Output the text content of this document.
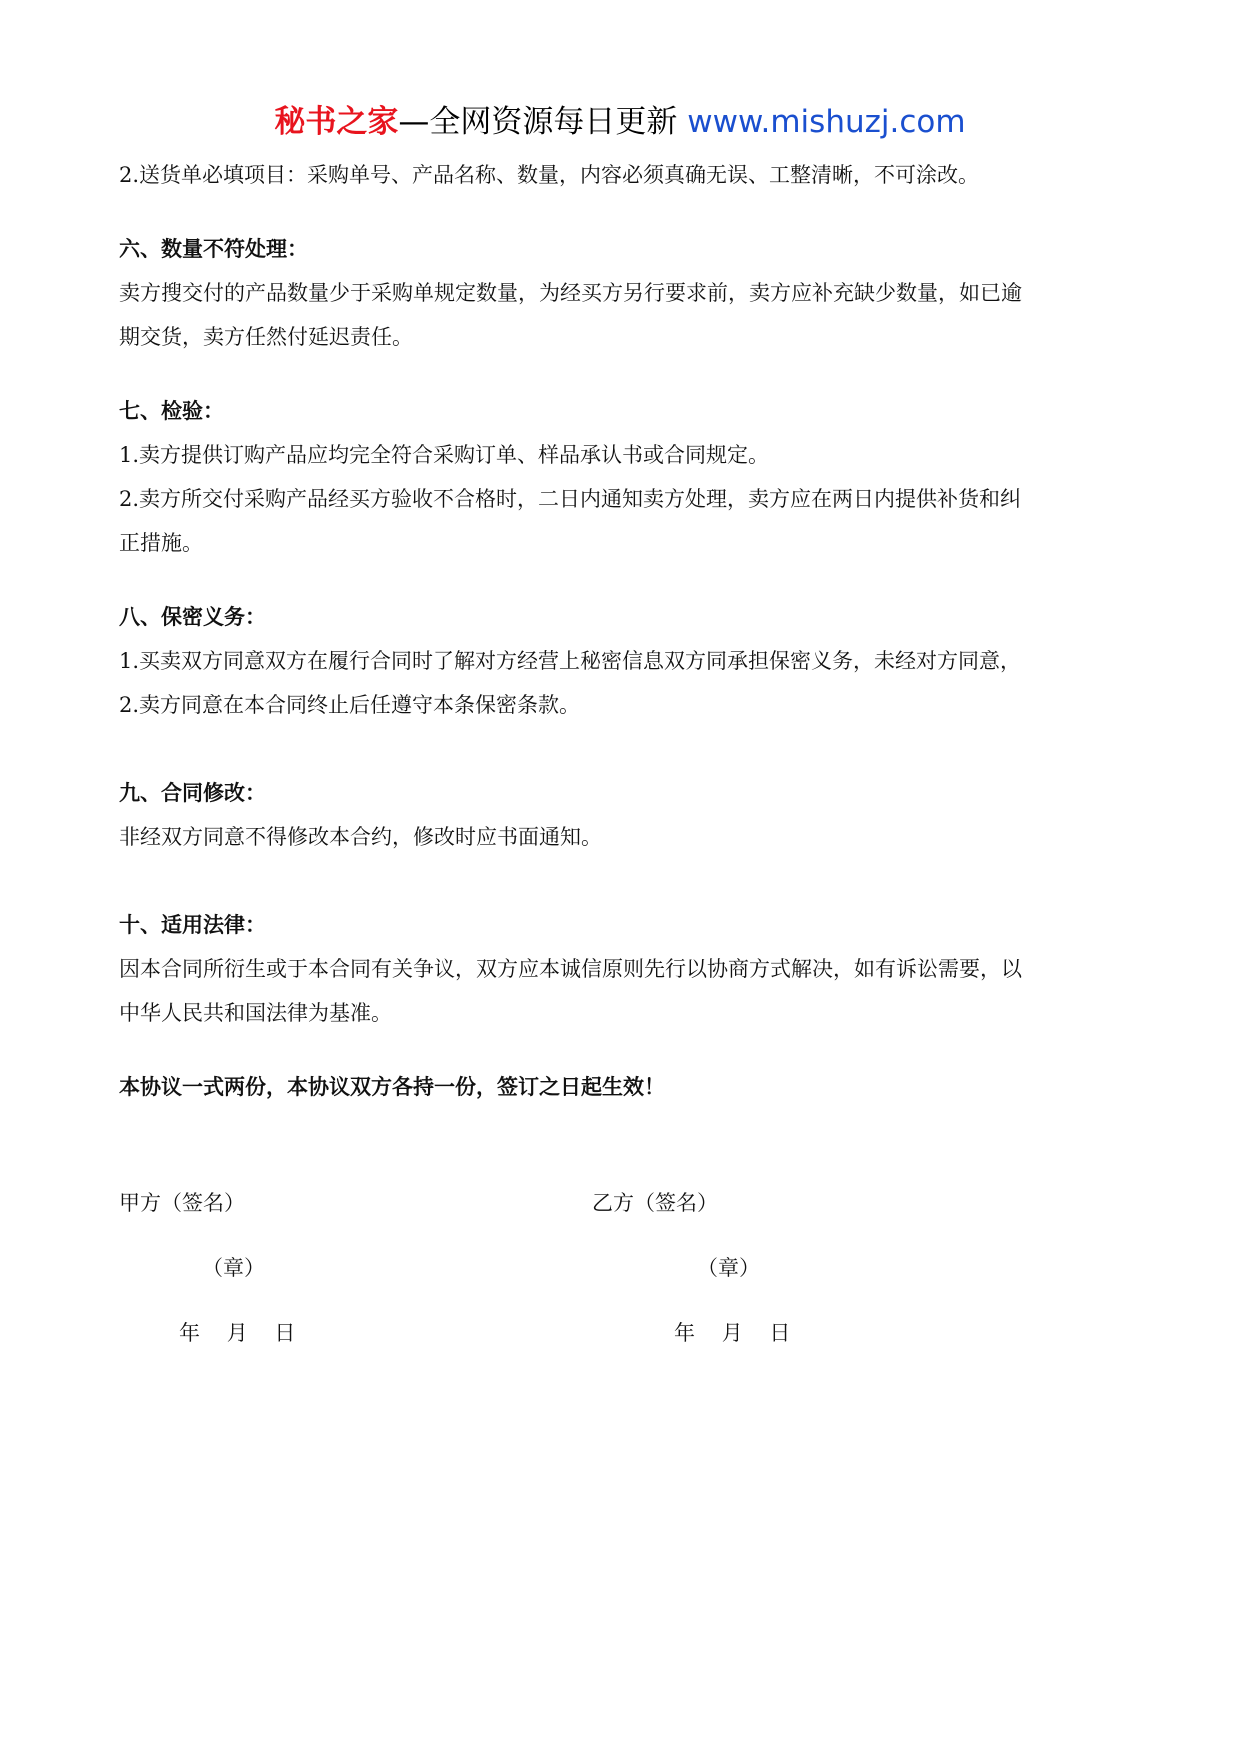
秘书之家—全网资源每日更新 www.mishuzj.com

2.送货单必填项目：采购单号、产品名称、数量，内容必须真确无误、工整清晰，不可涂改。

六、数量不符处理：

卖方搜交付的产品数量少于采购单规定数量，为经买方另行要求前，卖方应补充缺少数量，如已逾

期交货，卖方任然付延迟责任。

七、检验：

1.卖方提供订购产品应均完全符合采购订单、样品承认书或合同规定。

2.卖方所交付采购产品经买方验收不合格时，二日内通知卖方处理，卖方应在两日内提供补货和纠

正措施。

八、保密义务：

1.买卖双方同意双方在履行合同时了解对方经营上秘密信息双方同承担保密义务，未经对方同意，

2.卖方同意在本合同终止后任遵守本条保密条款。

九、合同修改：

非经双方同意不得修改本合约，修改时应书面通知。

十、适用法律：

因本合同所衍生或于本合同有关争议，双方应本诚信原则先行以协商方式解决，如有诉讼需要，以

中华人民共和国法律为基准。

本协议一式两份，本协议双方各持一份，签订之日起生效！

甲方（签名）	乙方（签名）
（章）	（章）
年    月    日	年    月    日
